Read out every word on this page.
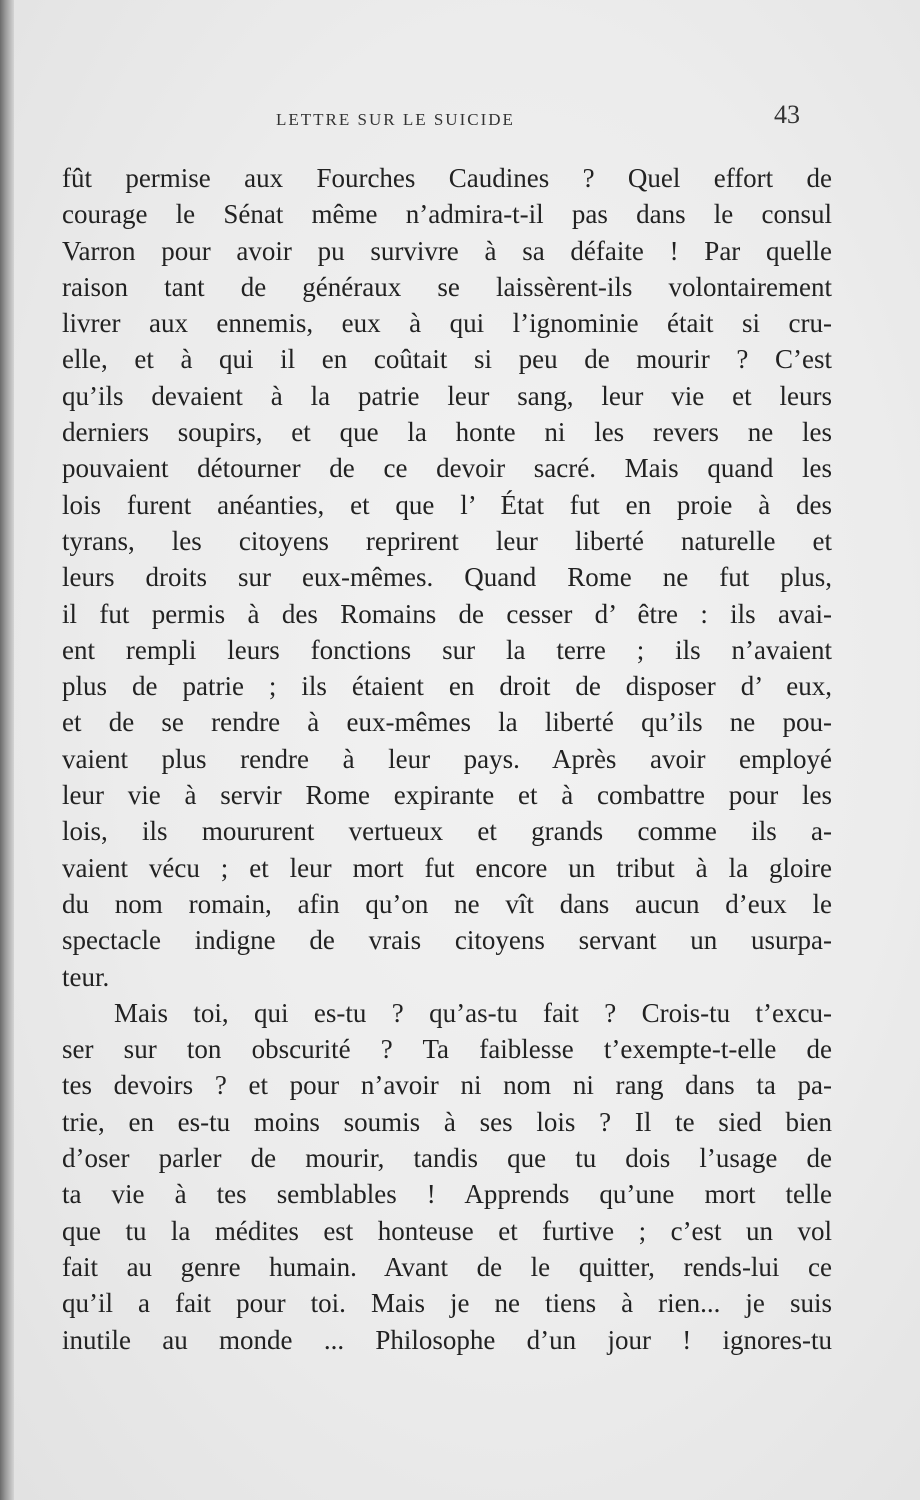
LETTRE SUR LE SUICIDE	43
fût permise aux Fourches Caudines ? Quel effort de
courage le Sénat même n’admira-t-il pas dans le consul
Varron pour avoir pu survivre à sa défaite ! Par quelle
raison tant de généraux se laissèrent-ils volontairement
livrer aux ennemis, eux à qui l’ignominie était si cru-
elle, et à qui il en coûtait si peu de mourir ? C’est
qu’ils devaient à la patrie leur sang, leur vie et leurs
derniers soupirs, et que la honte ni les revers ne les
pouvaient détourner de ce devoir sacré. Mais quand les
lois furent anéanties, et que l’ État fut en proie à des
tyrans, les citoyens reprirent leur liberté naturelle et
leurs droits sur eux-mêmes. Quand Rome ne fut plus,
il fut permis à des Romains de cesser d’ être : ils avai-
ent rempli leurs fonctions sur la terre ; ils n’avaient
plus de patrie ; ils étaient en droit de disposer d’ eux,
et de se rendre à eux-mêmes la liberté qu’ils ne pou-
vaient plus rendre à leur pays. Après avoir employé
leur vie à servir Rome expirante et à combattre pour les
lois, ils moururent vertueux et grands comme ils a-
vaient vécu ; et leur mort fut encore un tribut à la gloire
du nom romain, afin qu’on ne vît dans aucun d’eux le
spectacle indigne de vrais citoyens servant un usurpa-
teur.
Mais toi, qui es-tu ? qu’as-tu fait ? Crois-tu t’excu-
ser sur ton obscurité ? Ta faiblesse t’exempte-t-elle de
tes devoirs ? et pour n’avoir ni nom ni rang dans ta pa-
trie, en es-tu moins soumis à ses lois ? Il te sied bien
d’oser parler de mourir, tandis que tu dois l’usage de
ta vie à tes semblables ! Apprends qu’une mort telle
que tu la médites est honteuse et furtive ; c’est un vol
fait au genre humain. Avant de le quitter, rends-lui ce
qu’il a fait pour toi. Mais je ne tiens à rien... je suis
inutile au monde ... Philosophe d’un jour ! ignores-tu
